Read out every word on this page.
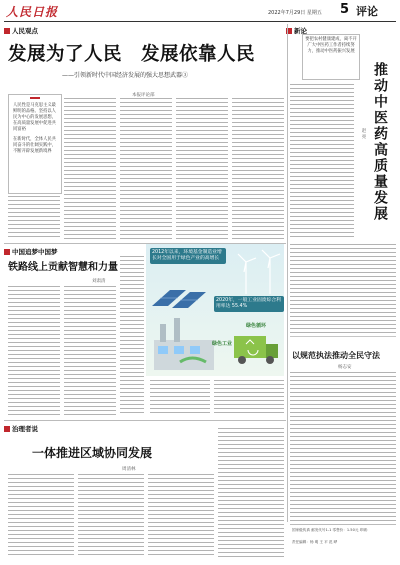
人民日报	2022年7月29日 星期五 5 评论
人民观点	新论
发展为了人民　发展依靠人民
——引领新时代中国经济发展的强大思想武器③
本报评论部
人民性是马克思主义最鲜明的品格。坚持以人民为中心的发展思想，在高质量发展中促进共同富裕
在新时代，全体人民共同奋斗的壮阔实践中，不断开辟发展新境界
要把农村健康建成，离不开广大中医药工作者持续努力，推动中医药振兴发展
推动中医药高质量发展
赵 亮
中国追梦中国梦
铁路线上贡献智慧和力量
刘肃清
2012年以来，环境基金制造业增长对全国用于绿色产业的高增长
2020年，一般工业固废综合利用率达 55.4%
绿色工业
绿色循环
以规范执法推动全民守法
杨志安
治理者说
一体推进区域协同发展
周清林
国家级传真 邮发代号1-1 零售价：1.50元 印刷：
责任编辑：杨 明 王 平 范 晔
